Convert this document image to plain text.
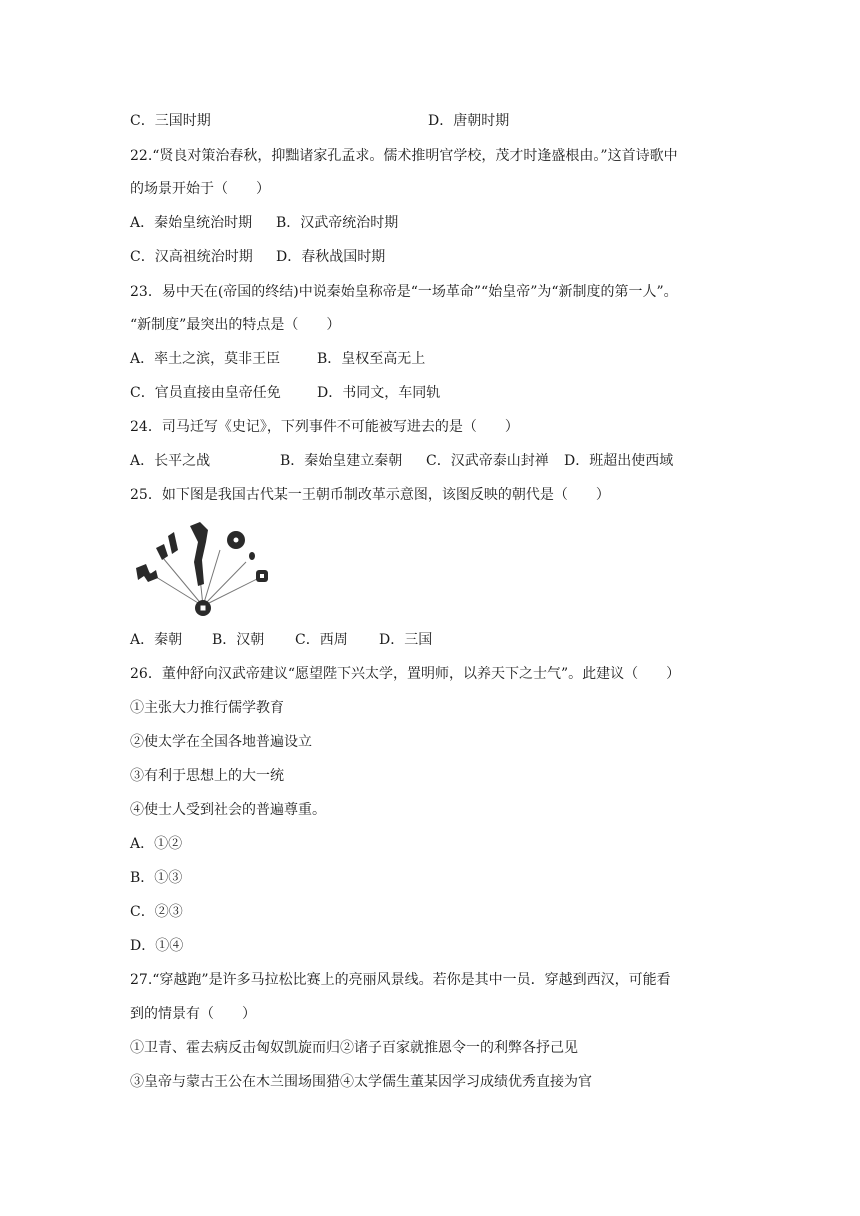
C．三国时期	D．唐朝时期
22.“贤良对策治春秋，抑黜诸家孔孟求。儒术推明官学校，茂才时逢盛根由。”这首诗歌中
的场景开始于（　　）
A．秦始皇统治时期 B．汉武帝统治时期
C．汉高祖统治时期 D．春秋战国时期
23．易中天在(帝国的终结)中说秦始皇称帝是“一场革命”“始皇帝”为“新制度的第一人”。
“新制度”最突出的特点是（　　）
A．率土之滨，莫非王臣	B．皇权至高无上
C．官员直接由皇帝任免	D．书同文，车同轨
24．司马迁写《史记》，下列事件不可能被写进去的是（　　）
A．长平之战	B．秦始皇建立秦朝 C．汉武帝泰山封禅 D．班超出使西域
25．如下图是我国古代某一王朝币制改革示意图，该图反映的朝代是（　　）
A．秦朝 B．汉朝 C．西周 D．三国
26．董仲舒向汉武帝建议“愿望陛下兴太学，置明师，以养天下之士气”。此建议（　　）
①主张大力推行儒学教育
②使太学在全国各地普遍设立
③有利于思想上的大一统
④使士人受到社会的普遍尊重。
A．①②
B．①③
C．②③
D．①④
27.“穿越跑”是许多马拉松比赛上的亮丽风景线。若你是其中一员．穿越到西汉，可能看
到的情景有（　　）
①卫青、霍去病反击匈奴凯旋而归②诸子百家就推恩令一的利弊各抒己见
③皇帝与蒙古王公在木兰围场围猎④太学儒生董某因学习成绩优秀直接为官
